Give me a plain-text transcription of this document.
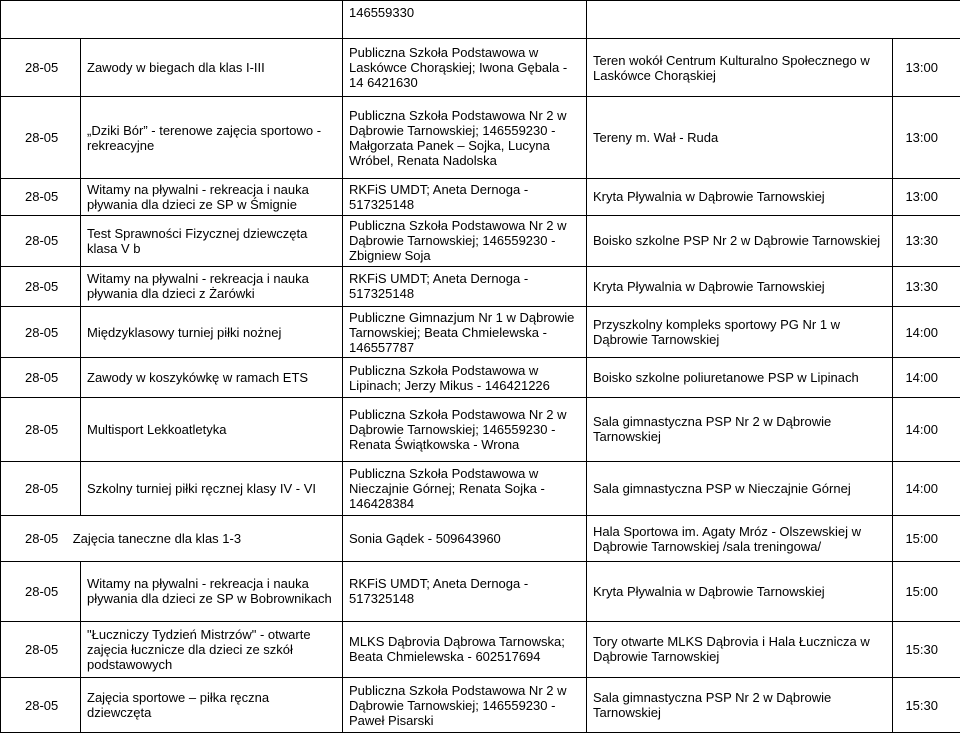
		146559330		
28-05	Zawody w biegach dla klas I-III	Publiczna Szkoła Podstawowa w Laskówce Chorąskiej; Iwona Gębala - 14 6421630	Teren wokół Centrum Kulturalno Społecznego w Laskówce Chorąskiej	13:00
28-05	„Dziki Bór” - terenowe zajęcia sportowo - rekreacyjne	Publiczna Szkoła Podstawowa Nr 2 w Dąbrowie Tarnowskiej; 146559230 - Małgorzata Panek – Sojka, Lucyna Wróbel, Renata Nadolska	Tereny m. Wał - Ruda	13:00
28-05	Witamy na pływalni - rekreacja i nauka pływania dla dzieci ze SP w Śmignie	RKFiS UMDT; Aneta Dernoga - 517325148	Kryta Pływalnia w Dąbrowie Tarnowskiej	13:00
28-05	Test Sprawności Fizycznej dziewczęta klasa V b	Publiczna Szkoła Podstawowa Nr 2 w Dąbrowie Tarnowskiej; 146559230 - Zbigniew Soja	Boisko szkolne PSP Nr 2 w Dąbrowie Tarnowskiej	13:30
28-05	Witamy na pływalni - rekreacja i nauka pływania dla dzieci z Żarówki	RKFiS UMDT; Aneta Dernoga - 517325148	Kryta Pływalnia w Dąbrowie Tarnowskiej	13:30
28-05	Międzyklasowy turniej piłki nożnej	Publiczne Gimnazjum Nr 1 w Dąbrowie Tarnowskiej; Beata Chmielewska - 146557787	Przyszkolny kompleks sportowy PG Nr 1 w Dąbrowie Tarnowskiej	14:00
28-05	Zawody w koszykówkę w ramach ETS	Publiczna Szkoła Podstawowa w Lipinach; Jerzy Mikus - 146421226	Boisko szkolne poliuretanowe PSP w Lipinach	14:00
28-05	Multisport Lekkoatletyka	Publiczna Szkoła Podstawowa Nr 2 w Dąbrowie Tarnowskiej; 146559230 - Renata Świątkowska - Wrona	Sala gimnastyczna PSP Nr 2 w Dąbrowie Tarnowskiej	14:00
28-05	Szkolny turniej piłki ręcznej klasy IV - VI	Publiczna Szkoła Podstawowa w Nieczajnie Górnej; Renata Sojka - 146428384	Sala gimnastyczna PSP w Nieczajnie Górnej	14:00
28-05 Zajęcia taneczne dla klas 1-3		Sonia Gądek - 509643960	Hala Sportowa im. Agaty Mróz - Olszewskiej w Dąbrowie Tarnowskiej /sala treningowa/	15:00
28-05	Witamy na pływalni - rekreacja i nauka pływania dla dzieci ze SP w Bobrownikach	RKFiS UMDT; Aneta Dernoga - 517325148	Kryta Pływalnia w Dąbrowie Tarnowskiej	15:00
28-05	"Łuczniczy Tydzień Mistrzów" - otwarte zajęcia łucznicze dla dzieci ze szkół podstawowych	MLKS Dąbrovia Dąbrowa Tarnowska; Beata Chmielewska - 602517694	Tory otwarte MLKS Dąbrovia i Hala Łucznicza w Dąbrowie Tarnowskiej	15:30
28-05	Zajęcia sportowe – piłka ręczna dziewczęta	Publiczna Szkoła Podstawowa Nr 2 w Dąbrowie Tarnowskiej; 146559230 - Paweł Pisarski	Sala gimnastyczna PSP Nr 2 w Dąbrowie Tarnowskiej	15:30
